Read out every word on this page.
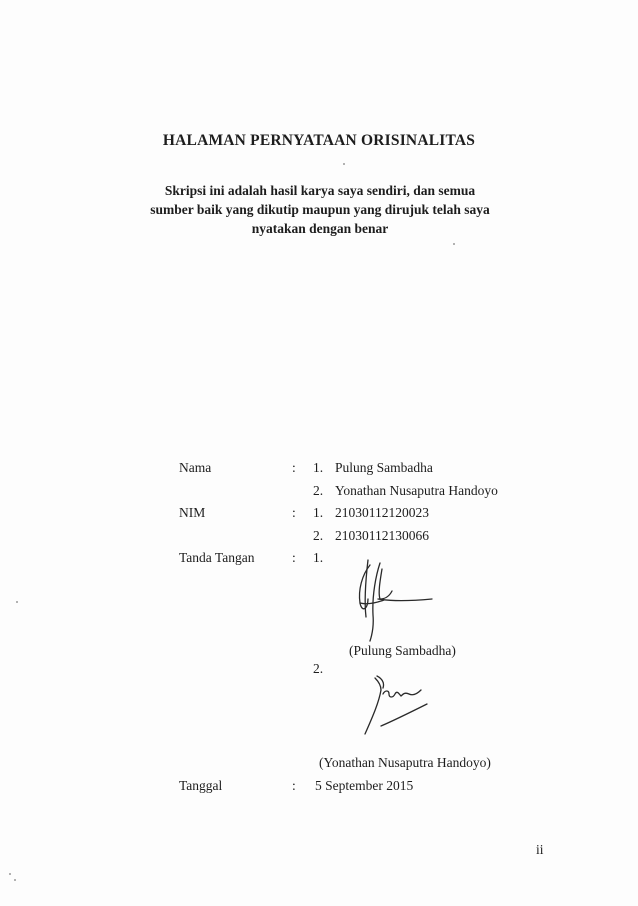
HALAMAN PERNYATAAN ORISINALITAS
Skripsi ini adalah hasil karya saya sendiri, dan semua
sumber baik yang dikutip maupun yang dirujuk telah saya
nyatakan dengan benar
Nama	: 1. Pulung Sambadha
2. Yonathan Nusaputra Handoyo
NIM	: 1. 21030112120023
2. 21030112130066
Tanda Tangan	: 1.
(Pulung Sambadha)
2.
(Yonathan Nusaputra Handoyo)
Tanggal	: 5 September 2015
ii
